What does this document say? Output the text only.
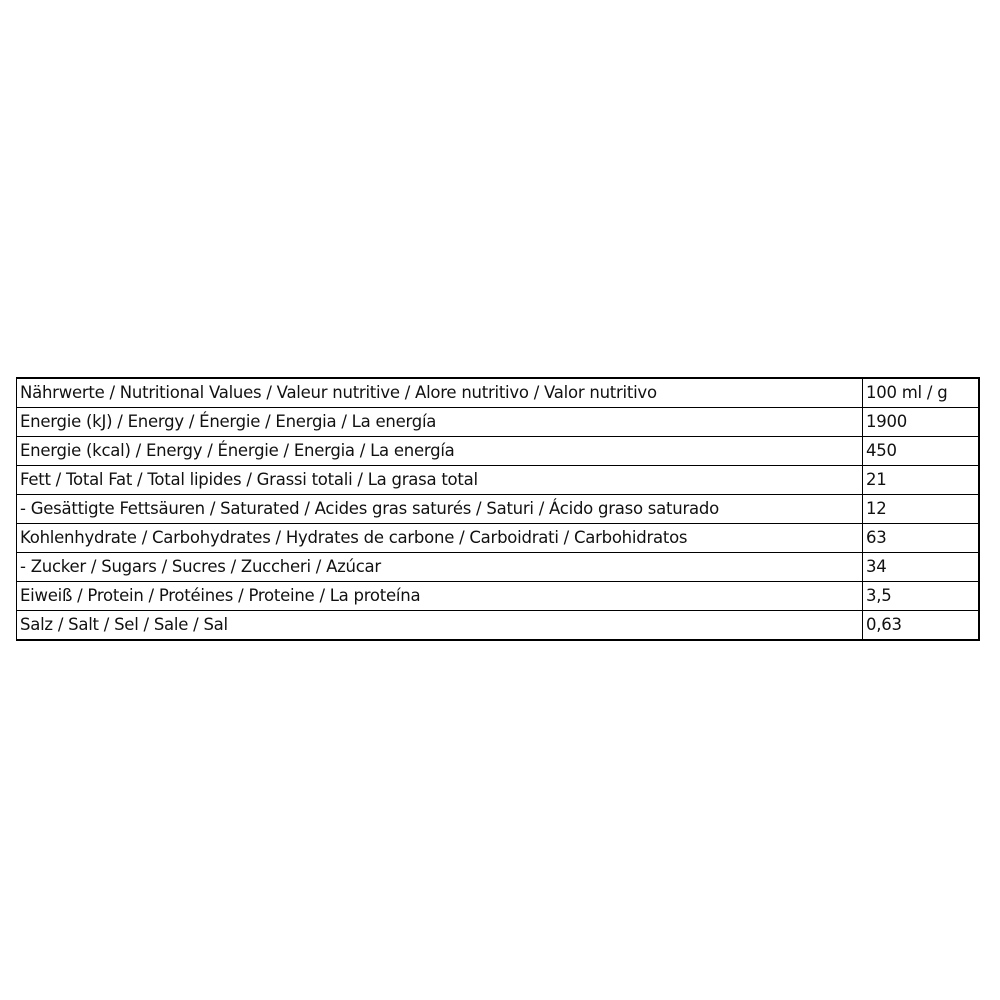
Nährwerte / Nutritional Values / Valeur nutritive / Alore nutritivo / Valor nutritivo	100 ml / g
Energie (kJ) / Energy / Énergie / Energia / La energía	1900
Energie (kcal) / Energy / Énergie / Energia / La energía	450
Fett / Total Fat / Total lipides / Grassi totali / La grasa total	21
- Gesättigte Fettsäuren / Saturated / Acides gras saturés / Saturi / Ácido graso saturado	12
Kohlenhydrate / Carbohydrates / Hydrates de carbone / Carboidrati / Carbohidratos	63
- Zucker / Sugars / Sucres / Zuccheri / Azúcar	34
Eiweiß / Protein / Protéines / Proteine / La proteína	3,5
Salz / Salt / Sel / Sale / Sal	0,63
